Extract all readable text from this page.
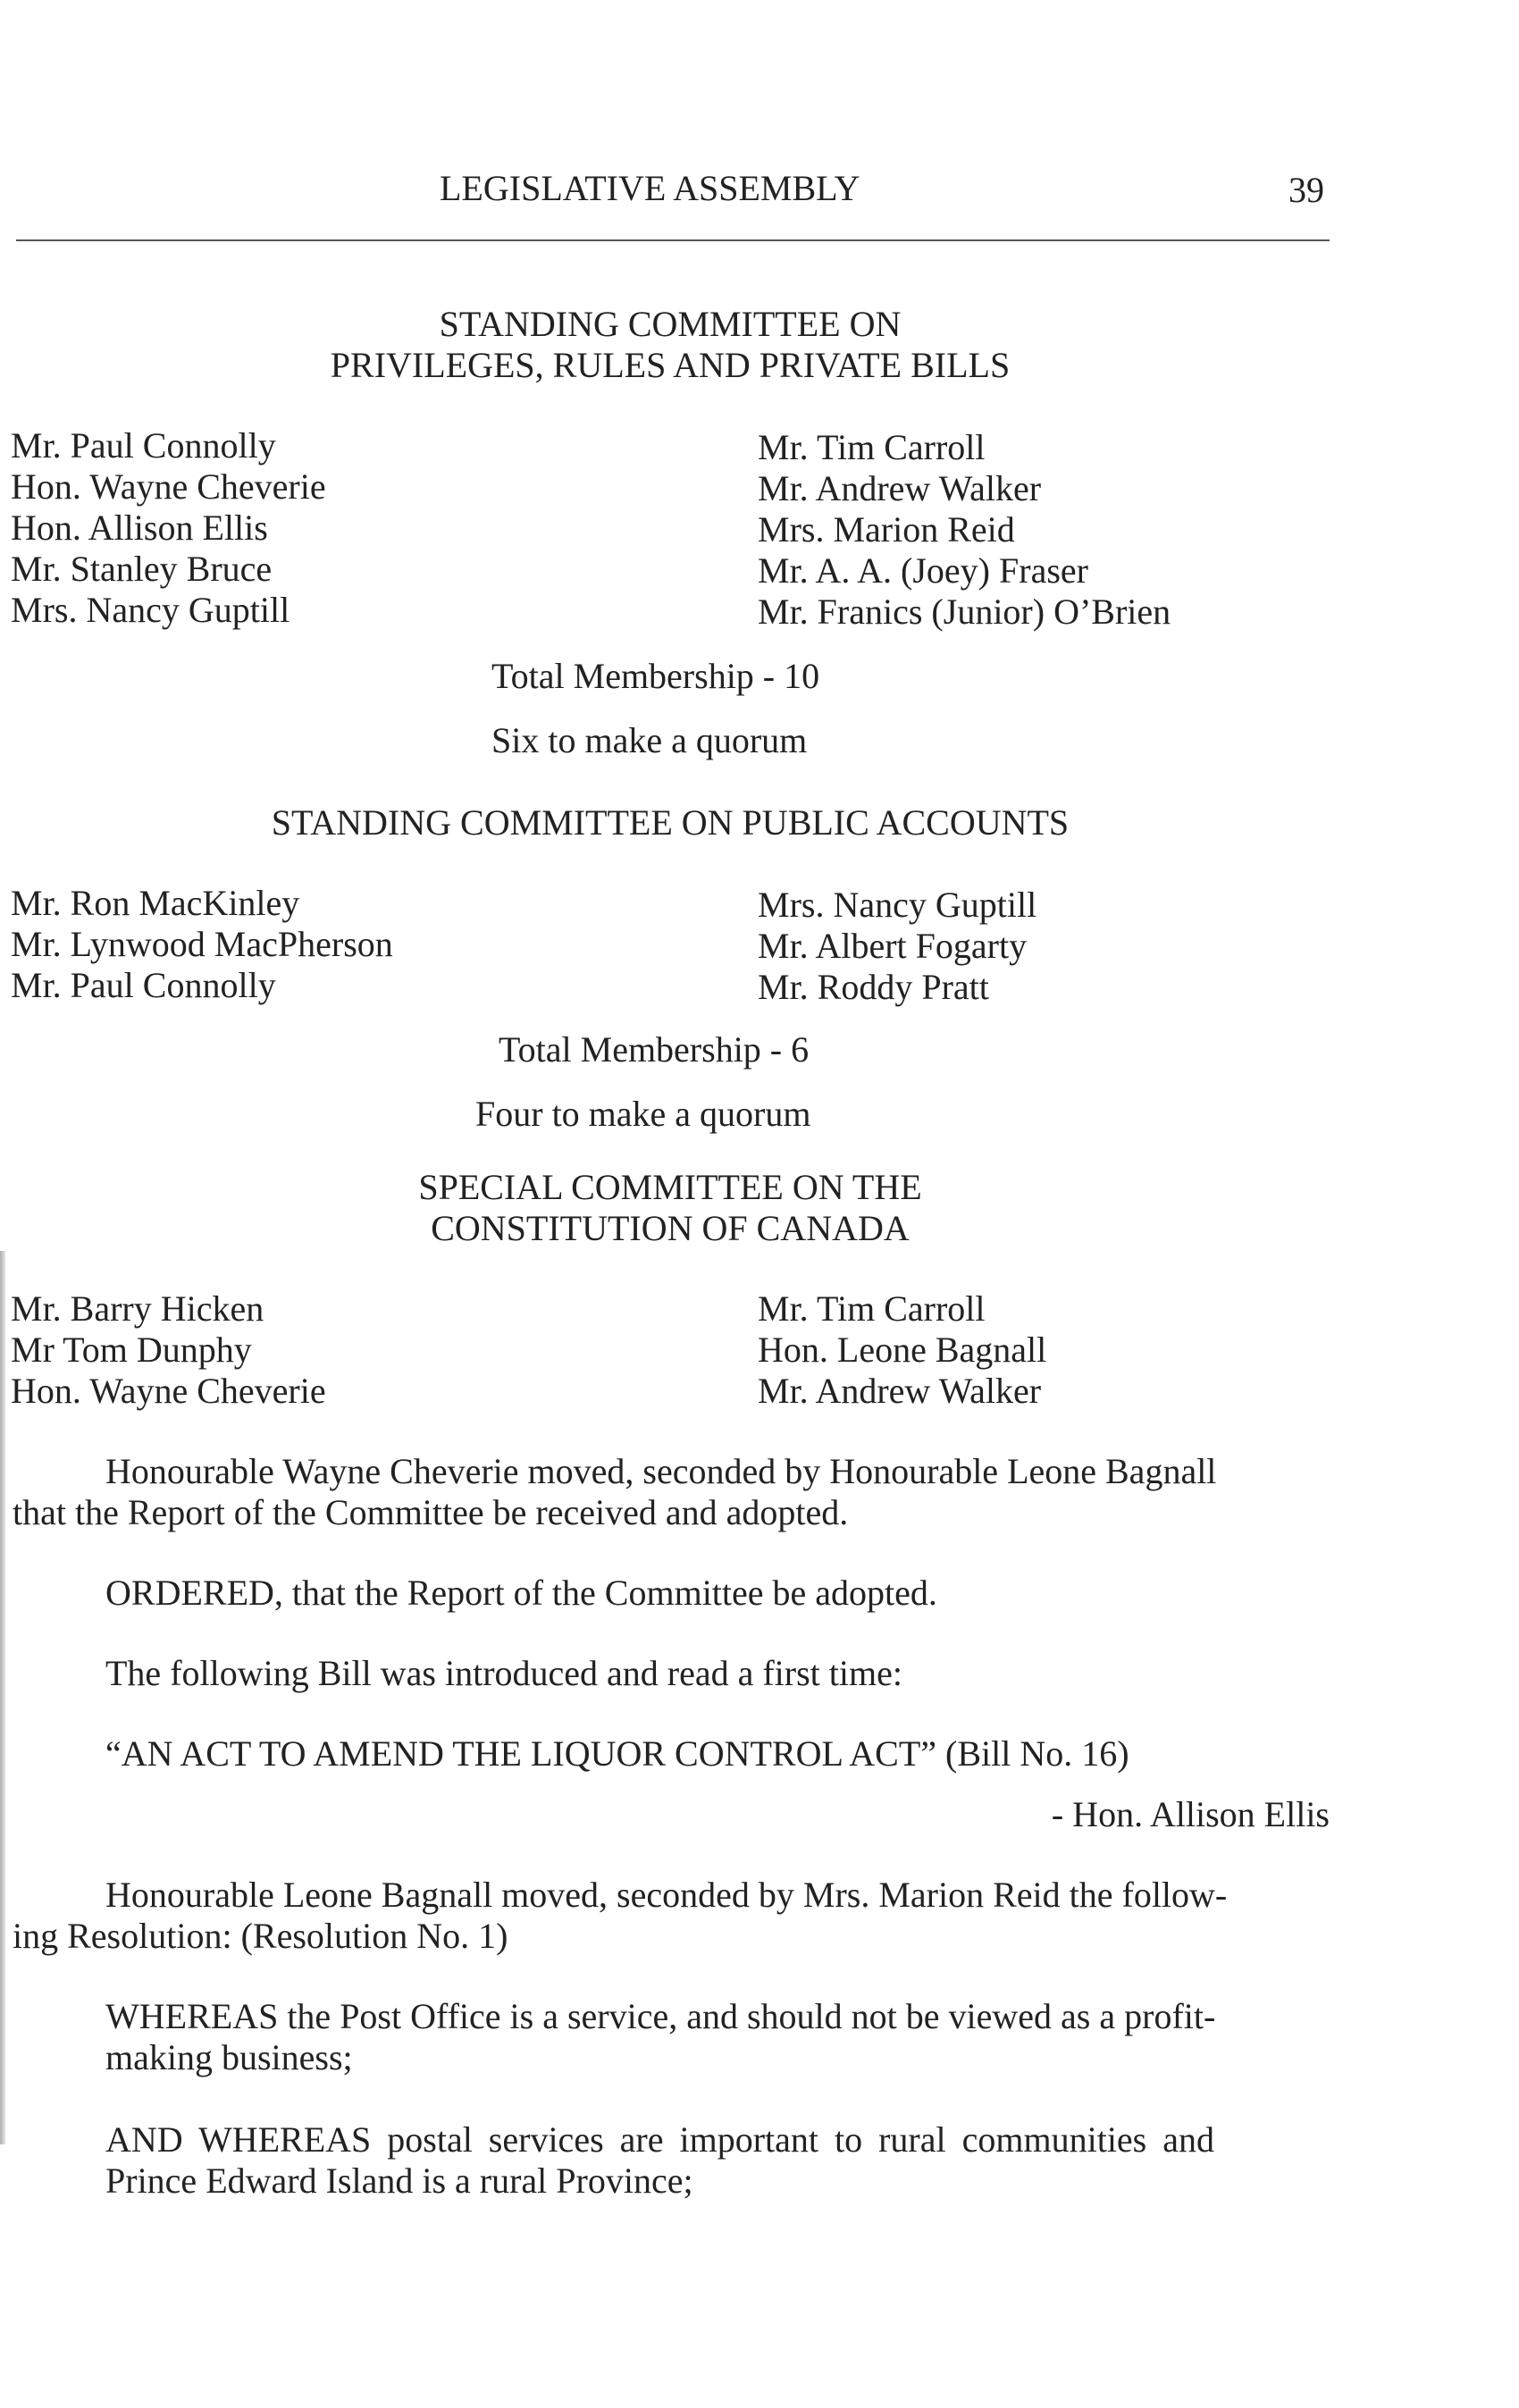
LEGISLATIVE ASSEMBLY	39
STANDING COMMITTEE ON
PRIVILEGES, RULES AND PRIVATE BILLS
Mr. Paul Connolly
Hon. Wayne Cheverie
Hon. Allison Ellis
Mr. Stanley Bruce
Mrs. Nancy Guptill
Mr. Tim Carroll
Mr. Andrew Walker
Mrs. Marion Reid
Mr. A. A. (Joey) Fraser
Mr. Franics (Junior) O’Brien
Total Membership - 10
Six to make a quorum
STANDING COMMITTEE ON PUBLIC ACCOUNTS
Mr. Ron MacKinley
Mr. Lynwood MacPherson
Mr. Paul Connolly
Mrs. Nancy Guptill
Mr. Albert Fogarty
Mr. Roddy Pratt
Total Membership - 6
Four to make a quorum
SPECIAL COMMITTEE ON THE
CONSTITUTION OF CANADA
Mr. Barry Hicken
Mr Tom Dunphy
Hon. Wayne Cheverie
Mr. Tim Carroll
Hon. Leone Bagnall
Mr. Andrew Walker
Honourable Wayne Cheverie moved, seconded by Honourable Leone Bagnall
that the Report of the Committee be received and adopted.
ORDERED, that the Report of the Committee be adopted.
The following Bill was introduced and read a first time:
“AN ACT TO AMEND THE LIQUOR CONTROL ACT” (Bill No. 16)
- Hon. Allison Ellis
Honourable Leone Bagnall moved, seconded by Mrs. Marion Reid the follow-
ing Resolution: (Resolution No. 1)
WHEREAS the Post Office is a service, and should not be viewed as a profit-
making business;
AND WHEREAS postal services are important to rural communities and
Prince Edward Island is a rural Province;
